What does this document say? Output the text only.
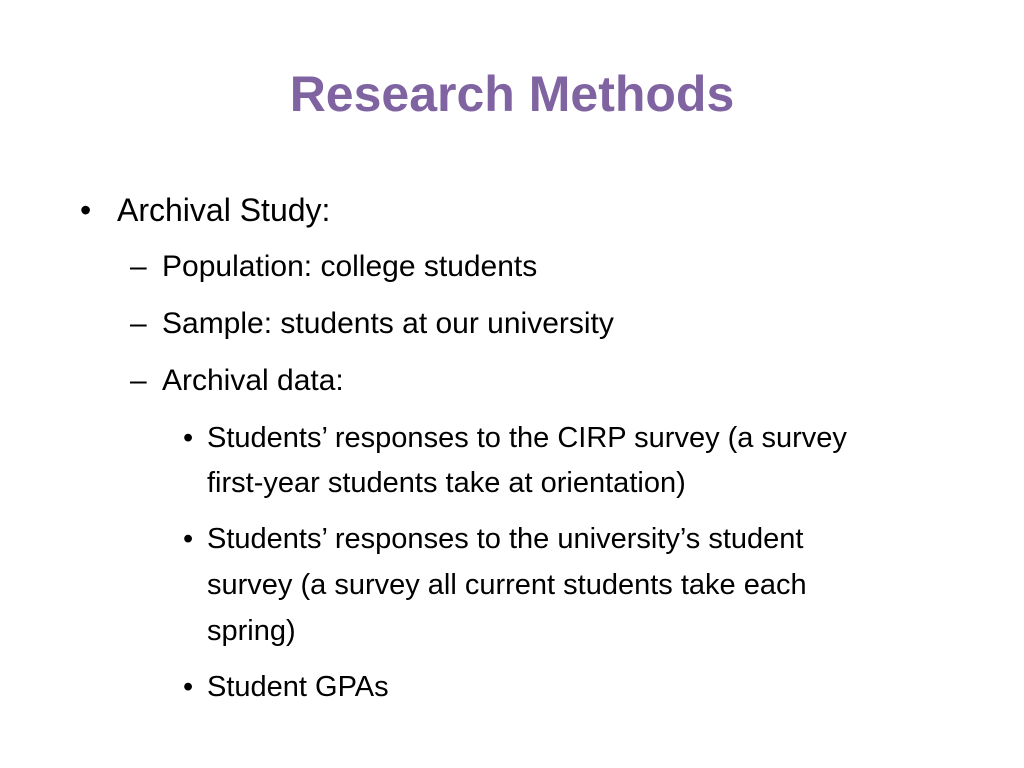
Research Methods
• Archival Study:
– Population: college students
– Sample: students at our university
– Archival data:
• Students’ responses to the CIRP survey (a survey
first-year students take at orientation)
• Students’ responses to the university’s student
survey (a survey all current students take each
spring)
• Student GPAs
